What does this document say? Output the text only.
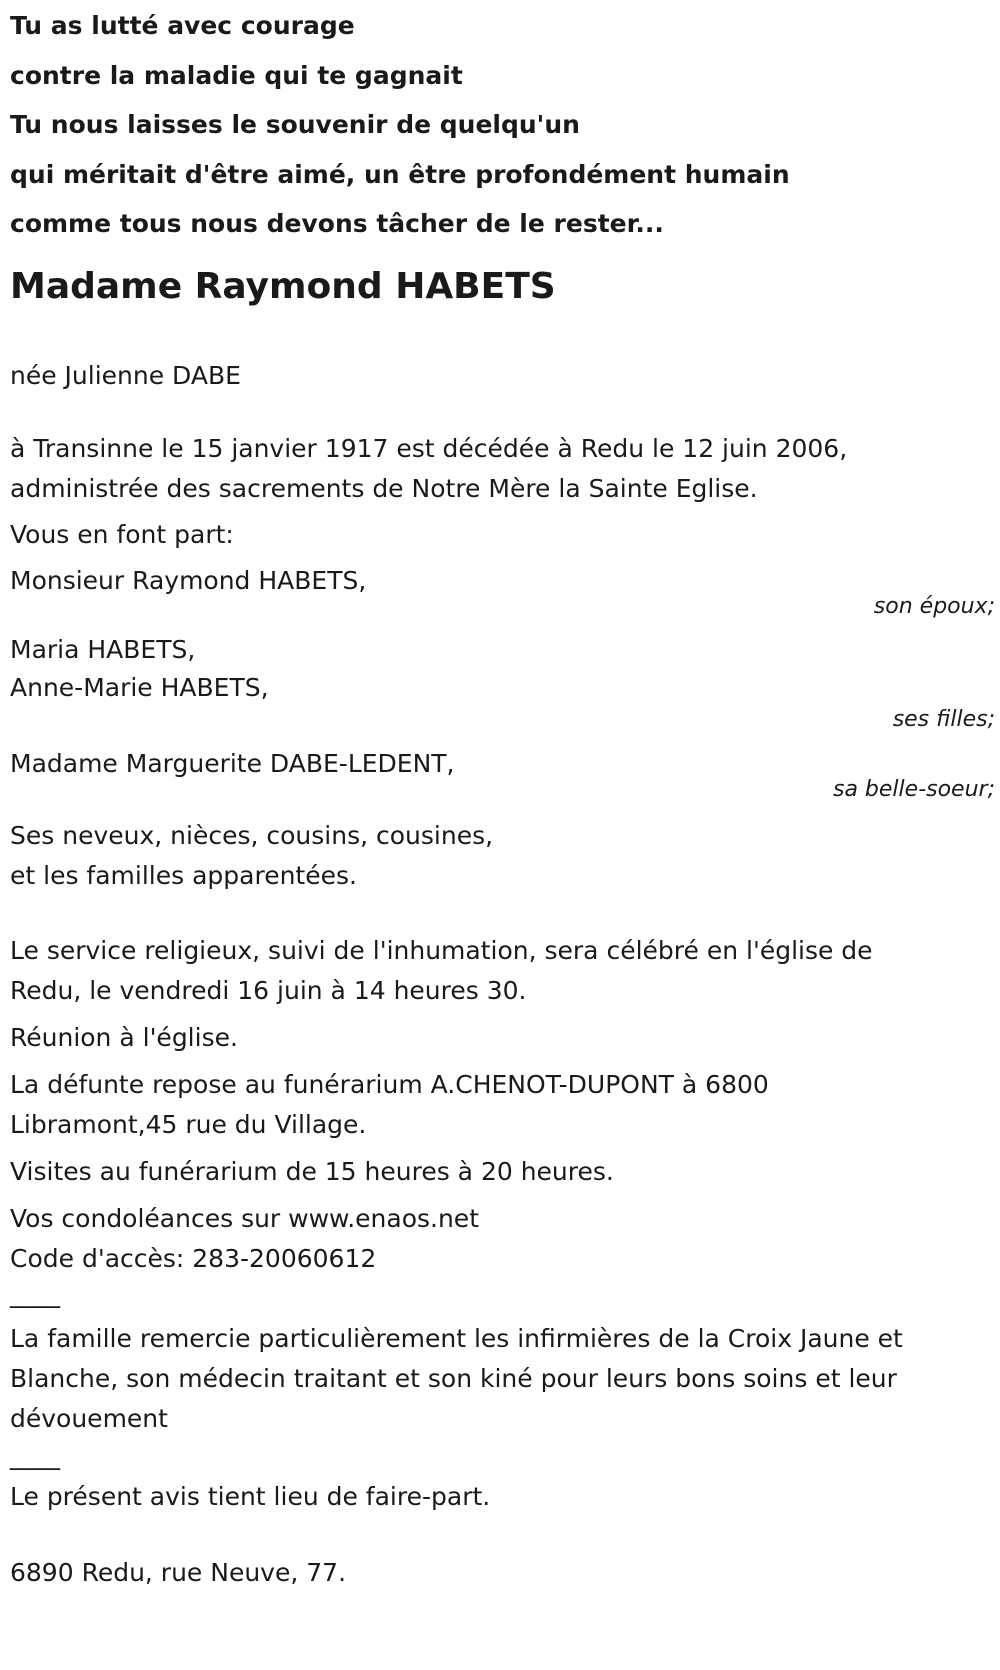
Tu as lutté avec courage
contre la maladie qui te gagnait
Tu nous laisses le souvenir de quelqu'un
qui méritait d'être aimé, un être profondément humain
comme tous nous devons tâcher de le rester...
Madame Raymond HABETS
née Julienne DABE
à Transinne le 15 janvier 1917 est décédée à Redu le 12 juin 2006,
administrée des sacrements de Notre Mère la Sainte Eglise.
Vous en font part:
Monsieur Raymond HABETS,
son époux;
Maria HABETS,
Anne-Marie HABETS,
ses filles;
Madame Marguerite DABE-LEDENT,
sa belle-soeur;
Ses neveux, nièces, cousins, cousines,
et les familles apparentées.
Le service religieux, suivi de l'inhumation, sera célébré en l'église de
Redu, le vendredi 16 juin à 14 heures 30.
Réunion à l'église.
La défunte repose au funérarium A.CHENOT-DUPONT à 6800
Libramont,45 rue du Village.
Visites au funérarium de 15 heures à 20 heures.
Vos condoléances sur www.enaos.net
Code d'accès: 283-20060612
____
La famille remercie particulièrement les infirmières de la Croix Jaune et
Blanche, son médecin traitant et son kiné pour leurs bons soins et leur
dévouement
____
Le présent avis tient lieu de faire-part.
6890 Redu, rue Neuve, 77.
